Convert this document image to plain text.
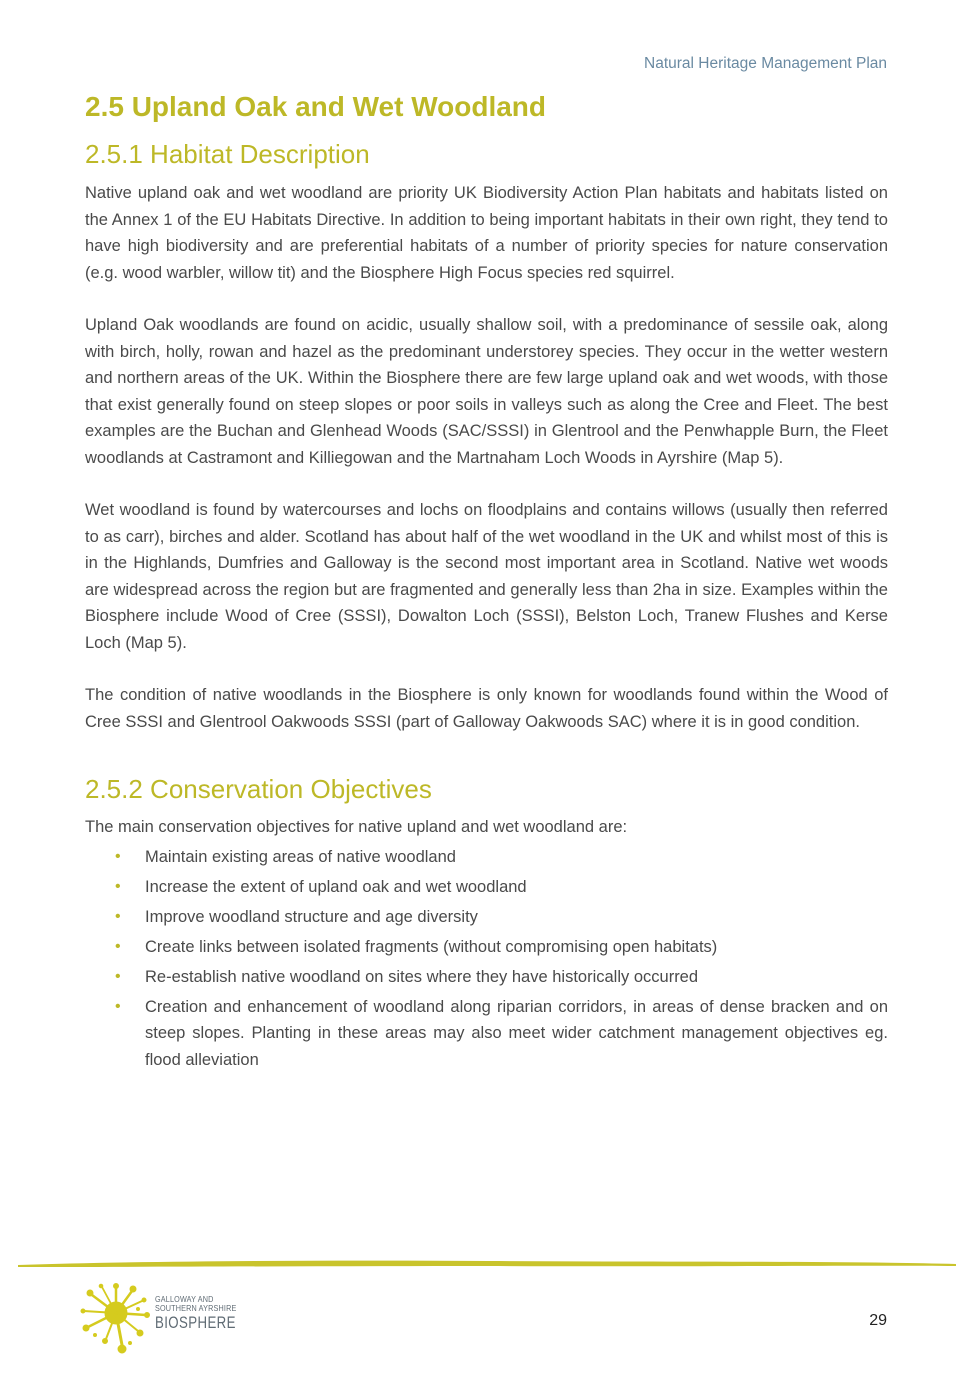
Natural Heritage Management Plan
2.5 Upland Oak and Wet Woodland
2.5.1 Habitat Description

Native upland oak and wet woodland are priority UK Biodiversity Action Plan habitats and habitats listed on the Annex 1 of the EU Habitats Directive. In addition to being important habitats in their own right, they tend to have high biodiversity and are preferential habitats of a number of priority species for nature conservation (e.g. wood warbler, willow tit) and the Biosphere High Focus species red squirrel.

Upland Oak woodlands are found on acidic, usually shallow soil, with a predominance of sessile oak, along with birch, holly, rowan and hazel as the predominant understorey species. They occur in the wetter western and northern areas of the UK. Within the Biosphere there are few large upland oak and wet woods, with those that exist generally found on steep slopes or poor soils in valleys such as along the Cree and Fleet. The best examples are the Buchan and Glenhead Woods (SAC/SSSI) in Glentrool and the Penwhapple Burn, the Fleet woodlands at Castramont and Killiegowan and the Martnaham Loch Woods in Ayrshire (Map 5).

Wet woodland is found by watercourses and lochs on floodplains and contains willows (usually then referred to as carr), birches and alder. Scotland has about half of the wet woodland in the UK and whilst most of this is in the Highlands, Dumfries and Galloway is the second most important area in Scotland. Native wet woods are widespread across the region but are fragmented and generally less than 2ha in size. Examples within the Biosphere include Wood of Cree (SSSI), Dowalton Loch (SSSI), Belston Loch, Tranew Flushes and Kerse Loch (Map 5).

The condition of native woodlands in the Biosphere is only known for woodlands found within the Wood of Cree SSSI and Glentrool Oakwoods SSSI (part of Galloway Oakwoods SAC) where it is in good condition.

2.5.2 Conservation Objectives

The main conservation objectives for native upland and wet woodland are:

• Maintain existing areas of native woodland
• Increase the extent of upland oak and wet woodland
• Improve woodland structure and age diversity
• Create links between isolated fragments (without compromising open habitats)
• Re-establish native woodland on sites where they have historically occurred
• Creation and enhancement of woodland along riparian corridors, in areas of dense bracken and on steep slopes. Planting in these areas may also meet wider catchment management objectives eg. flood alleviation
GALLOWAY AND
SOUTHERN AYRSHIRE
BIOSPHERE	29
